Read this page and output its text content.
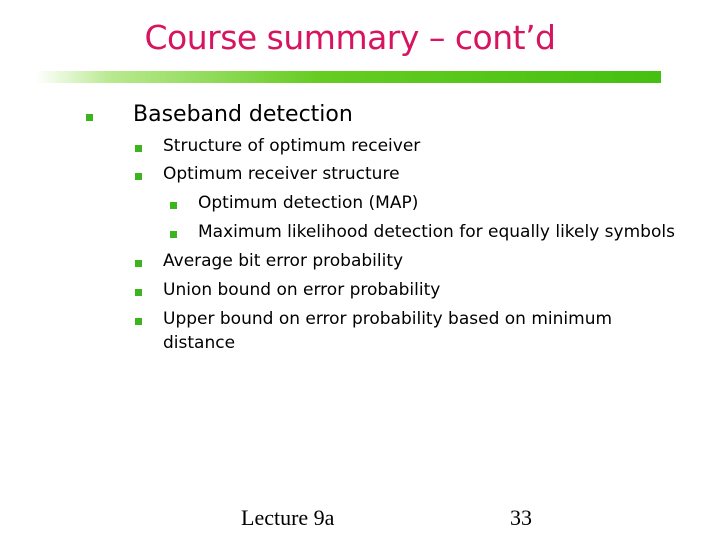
Course summary – cont’d
Baseband detection
Structure of optimum receiver
Optimum receiver structure
Optimum detection (MAP)
Maximum likelihood detection for equally likely symbols
Average bit error probability
Union bound on error probability
Upper bound on error probability based on minimum
distance
Lecture 9a	33
